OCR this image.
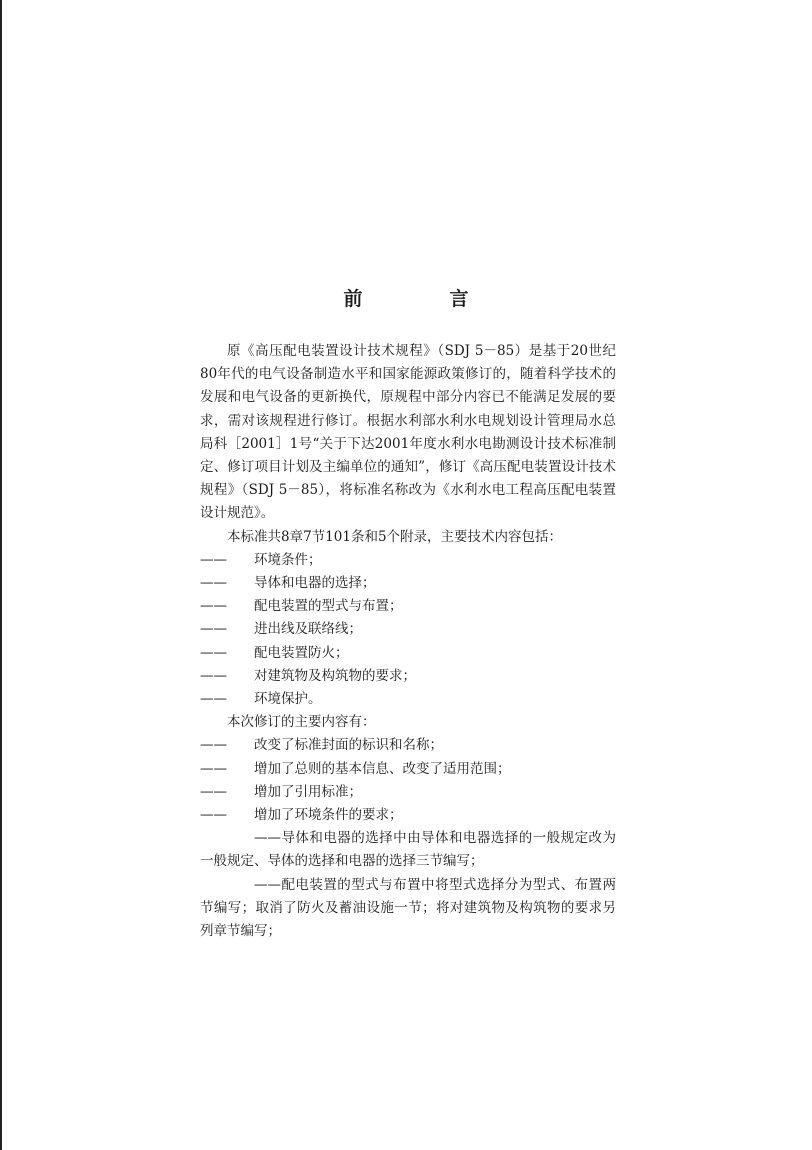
前　言

原《高压配电装置设计技术规程》（SDJ 5－85）是基于20世纪80年代的电气设备制造水平和国家能源政策修订的，随着科学技术的发展和电气设备的更新换代，原规程中部分内容已不能满足发展的要求，需对该规程进行修订。根据水利部水利水电规划设计管理局水总局科［2001］1号“关于下达2001年度水利水电勘测设计技术标准制定、修订项目计划及主编单位的通知”，修订《高压配电装置设计技术规程》（SDJ 5－85），将标准名称改为《水利水电工程高压配电装置设计规范》。

本标准共8章7节101条和5个附录，主要技术内容包括：

—— 环境条件；

—— 导体和电器的选择；

—— 配电装置的型式与布置；

—— 进出线及联络线；

—— 配电装置防火；

—— 对建筑物及构筑物的要求；

—— 环境保护。

本次修订的主要内容有：

—— 改变了标准封面的标识和名称；

—— 增加了总则的基本信息、改变了适用范围；

—— 增加了引用标准；

—— 增加了环境条件的要求；

——导体和电器的选择中由导体和电器选择的一般规定改为一般规定、导体的选择和电器的选择三节编写；

——配电装置的型式与布置中将型式选择分为型式、布置两节编写；取消了防火及蓄油设施一节；将对建筑物及构筑物的要求另列章节编写；
